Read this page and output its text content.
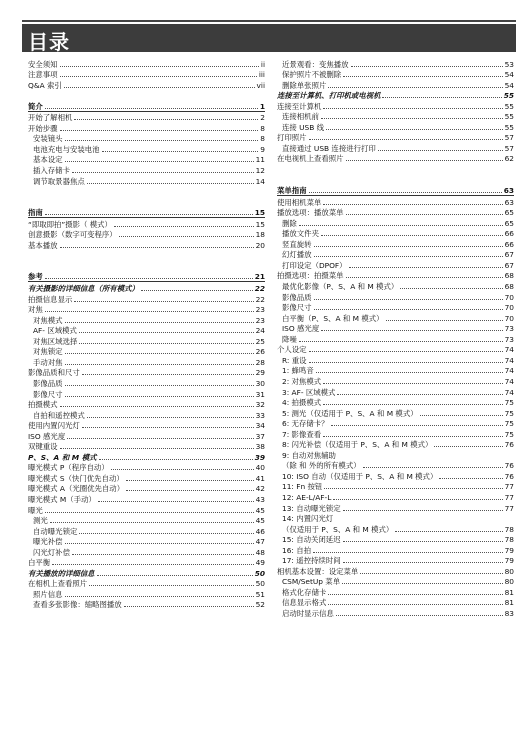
目录
安全须知	ii
注意事项	iii
Q&A 索引	vii
简介	1
开始了解相机	2
开始步骤	8
安装镜头	8
电池充电与安装电池	9
基本设定	11
插入存储卡	12
调节取景器焦点	14
指南	15
“即取即拍”摄影（ 模式）	15
创意摄影（数字可变程序）	18
基本播放	20
参考	21
有关摄影的详细信息（所有模式）	22
拍摄信息显示	22
对焦	23
对焦模式	23
AF- 区域模式	24
对焦区域选择	25
对焦锁定	26
手动对焦	28
影像品质和尺寸	29
影像品质	30
影像尺寸	31
拍摄模式	32
自拍和遥控模式	33
使用内置闪光灯	34
ISO 感光度	37
双键重设	38
P、S、A 和 M 模式	39
曝光模式 P（程序自动）	40
曝光模式 S（快门优先自动）	41
曝光模式 A（光圈优先自动）	42
曝光模式 M（手动）	43
曝光	45
测光	45
自动曝光锁定	46
曝光补偿	47
闪光灯补偿	48
白平衡	49
有关播放的详细信息	50
在相机上查看照片	50
照片信息	51
查看多张影像：缩略图播放	52
近景观看：变焦播放	53
保护照片不被删除	54
删除单张照片	54
连接至计算机、打印机或电视机	55
连接至计算机	55
连接相机前	55
连接 USB 线	55
打印照片	57
直接通过 USB 连接进行打印	57
在电视机上查看照片	62
菜单指南	63
使用相机菜单	63
播放选项：播放菜单	65
删除	65
播放文件夹	66
竖直旋转	66
幻灯播放	67
打印设定（DPOF）	67
拍摄选项：拍摄菜单	68
最优化影像（P、S、A 和 M 模式）	68
影像品质	70
影像尺寸	70
白平衡（P、S、A 和 M 模式）	70
ISO 感光度	73
降噪	73
个人设定	74
R: 重设	74
1: 蜂鸣音	74
2: 对焦模式	74
3: AF- 区域模式	74
4: 拍摄模式	75
5: 测光（仅适用于 P、S、A 和 M 模式）	75
6: 无存储卡？	75
7: 影像查看	75
8: 闪光补偿（仅适用于 P、S、A 和 M 模式）	76
9: 自动对焦辅助
（除 和 外的所有模式）	76
10: ISO 自动（仅适用于 P、S、A 和 M 模式）	76
11: Fn 按钮	77
12: AE-L/AF-L	77
13: 自动曝光锁定	77
14: 内置闪光灯
（仅适用于 P、S、A 和 M 模式）	78
15: 自动关闭延迟	78
16: 自拍	79
17: 遥控持续时间	79
相机基本设置：设定菜单	80
CSM/SetUp 菜单	80
格式化存储卡	81
信息显示格式	81
启动时显示信息	83
